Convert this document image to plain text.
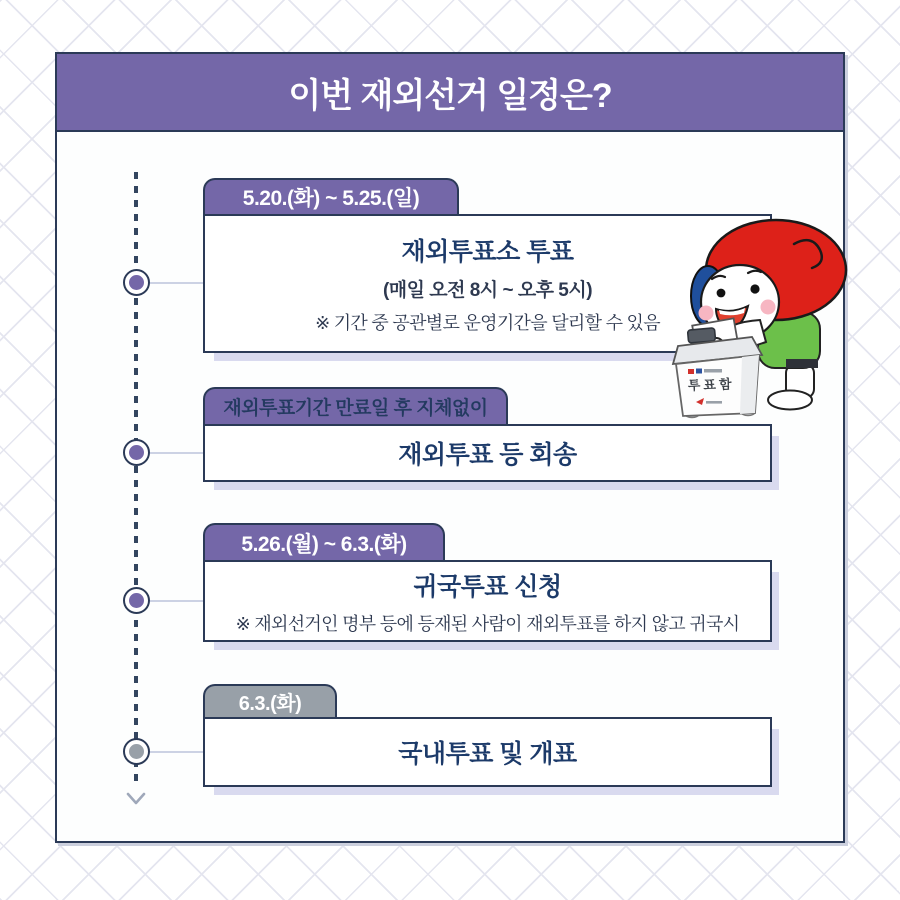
이번 재외선거 일정은?
5.20.(화) ~ 5.25.(일)
재외투표소 투표
(매일 오전 8시 ~ 오후 5시)
※ 기간 중 공관별로 운영기간을 달리할 수 있음
재외투표기간 만료일 후 지체없이
재외투표 등 회송
5.26.(월) ~ 6.3.(화)
귀국투표 신청
※ 재외선거인 명부 등에 등재된 사람이 재외투표를 하지 않고 귀국시
6.3.(화)
국내투표 및 개표
투표함
